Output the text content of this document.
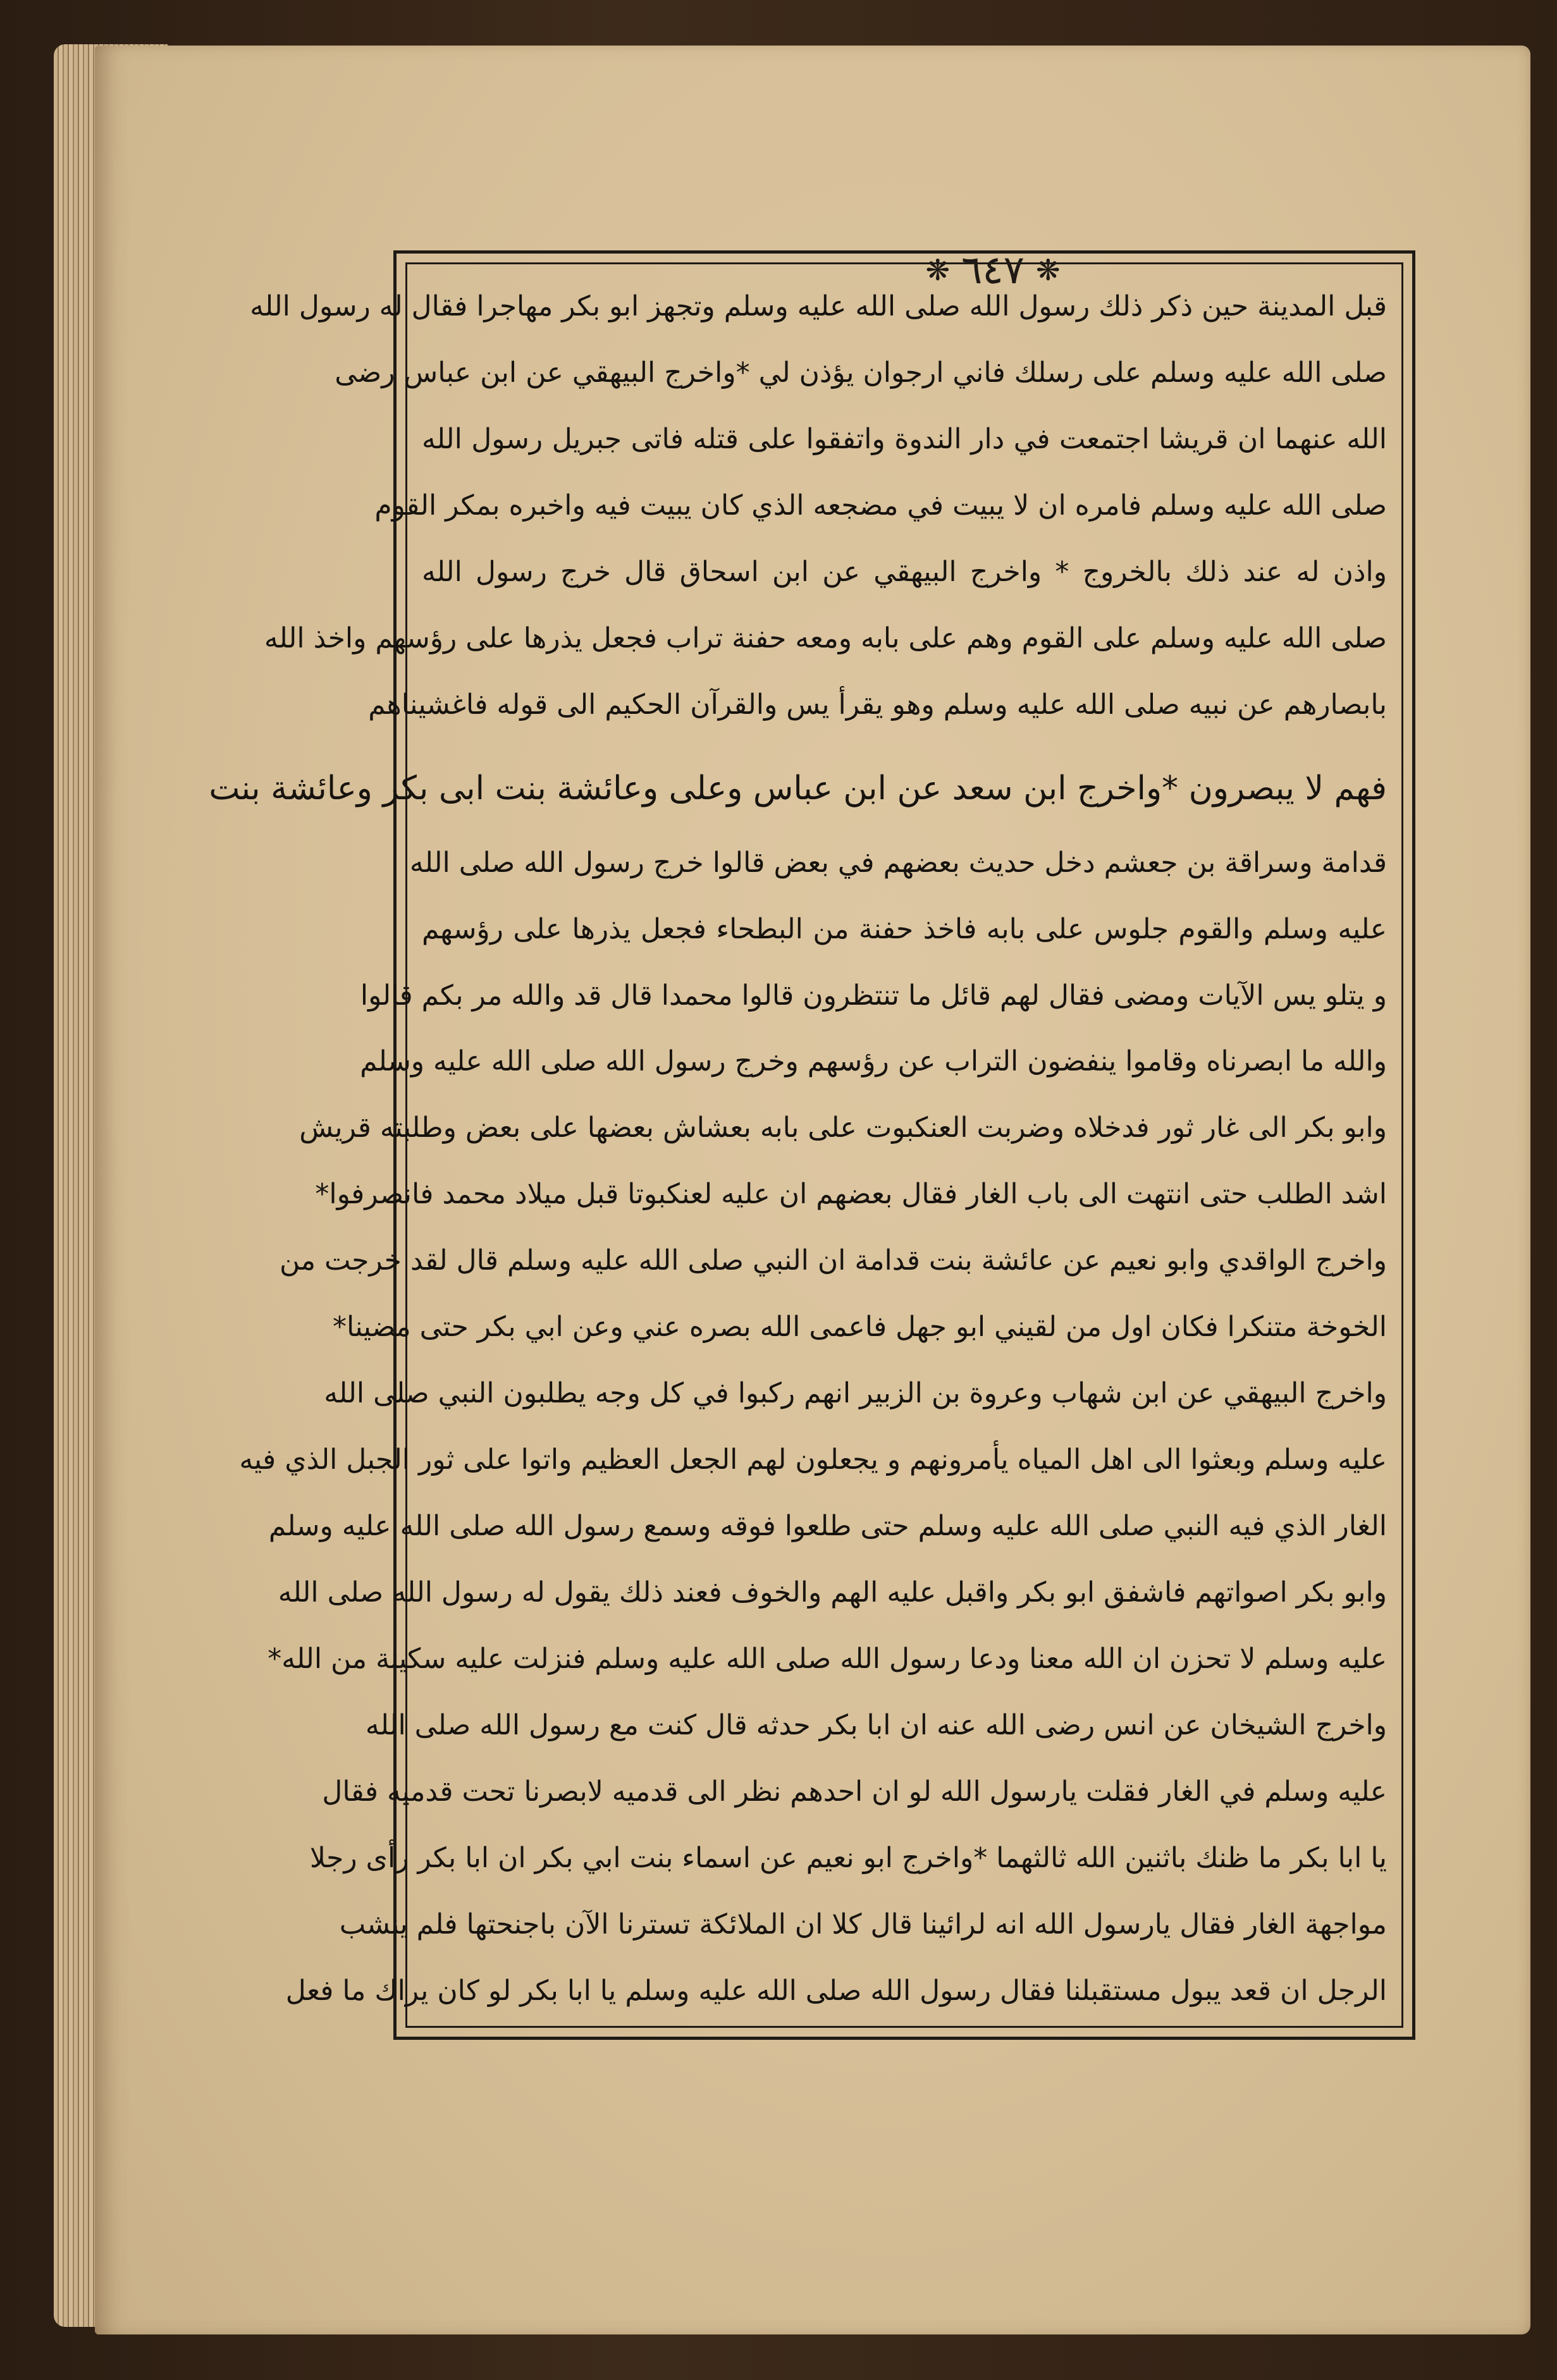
❋ ٦٤٧ ❋
قبل المدينة حين ذكر ذلك رسول الله صلى الله عليه وسلم وتجهز ابو بكر مهاجرا فقال له رسول الله
صلى الله عليه وسلم على رسلك فاني ارجوان يؤذن لي *واخرج البيهقي عن ابن عباس رضى
الله عنهما ان قريشا اجتمعت في دار الندوة واتفقوا على قتله فاتى جبريل رسول الله
صلى الله عليه وسلم فامره ان لا يبيت في مضجعه الذي كان يبيت فيه واخبره بمكر القوم
واذن له عند ذلك بالخروج * واخرج البيهقي عن ابن اسحاق قال خرج رسول الله
صلى الله عليه وسلم على القوم وهم على بابه ومعه حفنة تراب فجعل يذرها على رؤسهم واخذ الله
بابصارهم عن نبيه صلى الله عليه وسلم وهو يقرأ يس والقرآن الحكيم الى قوله فاغشيناهم
فهم لا يبصرون *واخرج ابن سعد عن ابن عباس وعلى وعائشة بنت ابى بكر وعائشة بنت
قدامة وسراقة بن جعشم دخل حديث بعضهم في بعض قالوا خرج رسول الله صلى الله
عليه وسلم والقوم جلوس على بابه فاخذ حفنة من البطحاء فجعل يذرها على رؤسهم
و يتلو يس الآيات ومضى فقال لهم قائل ما تنتظرون قالوا محمدا قال قد والله مر بكم قالوا
والله ما ابصرناه وقاموا ينفضون التراب عن رؤسهم وخرج رسول الله صلى الله عليه وسلم
وابو بكر الى غار ثور فدخلاه وضربت العنكبوت على بابه بعشاش بعضها على بعض وطلبته قريش
اشد الطلب حتى انتهت الى باب الغار فقال بعضهم ان عليه لعنكبوتا قبل ميلاد محمد فانصرفوا*
واخرج الواقدي وابو نعيم عن عائشة بنت قدامة ان النبي صلى الله عليه وسلم قال لقد خرجت من
الخوخة متنكرا فكان اول من لقيني ابو جهل فاعمى الله بصره عني وعن ابي بكر حتى مضينا*
واخرج البيهقي عن ابن شهاب وعروة بن الزبير انهم ركبوا في كل وجه يطلبون النبي صلى الله
عليه وسلم وبعثوا الى اهل المياه يأمرونهم و يجعلون لهم الجعل العظيم واتوا على ثور الجبل الذي فيه
الغار الذي فيه النبي صلى الله عليه وسلم حتى طلعوا فوقه وسمع رسول الله صلى الله عليه وسلم
وابو بكر اصواتهم فاشفق ابو بكر واقبل عليه الهم والخوف فعند ذلك يقول له رسول الله صلى الله
عليه وسلم لا تحزن ان الله معنا ودعا رسول الله صلى الله عليه وسلم فنزلت عليه سكينة من الله*
واخرج الشيخان عن انس رضى الله عنه ان ابا بكر حدثه قال كنت مع رسول الله صلى الله
عليه وسلم في الغار فقلت يارسول الله لو ان احدهم نظر الى قدميه لابصرنا تحت قدميه فقال
يا ابا بكر ما ظنك باثنين الله ثالثهما *واخرج ابو نعيم عن اسماء بنت ابي بكر ان ابا بكر رأى رجلا
مواجهة الغار فقال يارسول الله انه لرائينا قال كلا ان الملائكة تسترنا الآن باجنحتها فلم ينشب
الرجل ان قعد يبول مستقبلنا فقال رسول الله صلى الله عليه وسلم يا ابا بكر لو كان يراك ما فعل
